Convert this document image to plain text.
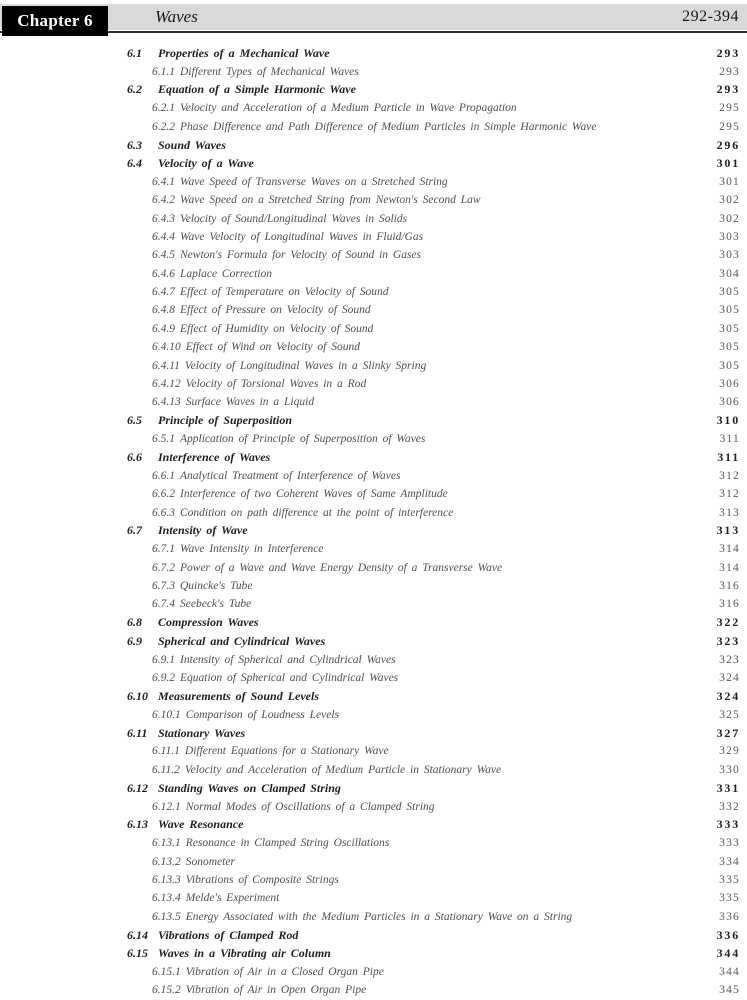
Chapter 6	Waves	292-394
6.1	Properties of a Mechanical Wave	293
6.1.1 Different Types of Mechanical Waves	293
6.2	Equation of a Simple Harmonic Wave	293
6.2.1 Velocity and Acceleration of a Medium Particle in Wave Propagation	295
6.2.2 Phase Difference and Path Difference of Medium Particles in Simple Harmonic Wave	295
6.3	Sound Waves	296
6.4	Velocity of a Wave	301
6.4.1 Wave Speed of Transverse Waves on a Stretched String	301
6.4.2 Wave Speed on a Stretched String from Newton's Second Law	302
6.4.3 Velocity of Sound/Longitudinal Waves in Solids	302
6.4.4 Wave Velocity of Longitudinal Waves in Fluid/Gas	303
6.4.5 Newton's Formula for Velocity of Sound in Gases	303
6.4.6 Laplace Correction	304
6.4.7 Effect of Temperature on Velocity of Sound	305
6.4.8 Effect of Pressure on Velocity of Sound	305
6.4.9 Effect of Humidity on Velocity of Sound	305
6.4.10 Effect of Wind on Velocity of Sound	305
6.4.11 Velocity of Longitudinal Waves in a Slinky Spring	305
6.4.12 Velocity of Torsional Waves in a Rod	306
6.4.13 Surface Waves in a Liquid	306
6.5	Principle of Superposition	310
6.5.1 Application of Principle of Superposition of Waves	311
6.6	Interference of Waves	311
6.6.1 Analytical Treatment of Interference of Waves	312
6.6.2 Interference of two Coherent Waves of Same Amplitude	312
6.6.3 Condition on path difference at the point of interference	313
6.7	Intensity of Wave	313
6.7.1 Wave Intensity in Interference	314
6.7.2 Power of a Wave and Wave Energy Density of a Transverse Wave	314
6.7.3 Quincke's Tube	316
6.7.4 Seebeck's Tube	316
6.8	Compression Waves	322
6.9	Spherical and Cylindrical Waves	323
6.9.1 Intensity of Spherical and Cylindrical Waves	323
6.9.2 Equation of Spherical and Cylindrical Waves	324
6.10 Measurements of Sound Levels	324
6.10.1 Comparison of Loudness Levels	325
6.11 Stationary Waves	327
6.11.1 Different Equations for a Stationary Wave	329
6.11.2 Velocity and Acceleration of Medium Particle in Stationary Wave	330
6.12 Standing Waves on Clamped String	331
6.12.1 Normal Modes of Oscillations of a Clamped String	332
6.13 Wave Resonance	333
6.13.1 Resonance in Clamped String Oscillations	333
6.13.2 Sonometer	334
6.13.3 Vibrations of Composite Strings	335
6.13.4 Melde's Experiment	335
6.13.5 Energy Associated with the Medium Particles in a Stationary Wave on a String	336
6.14 Vibrations of Clamped Rod	336
6.15 Waves in a Vibrating air Column	344
6.15.1 Vibration of Air in a Closed Organ Pipe	344
6.15.2 Vibration of Air in Open Organ Pipe	345
